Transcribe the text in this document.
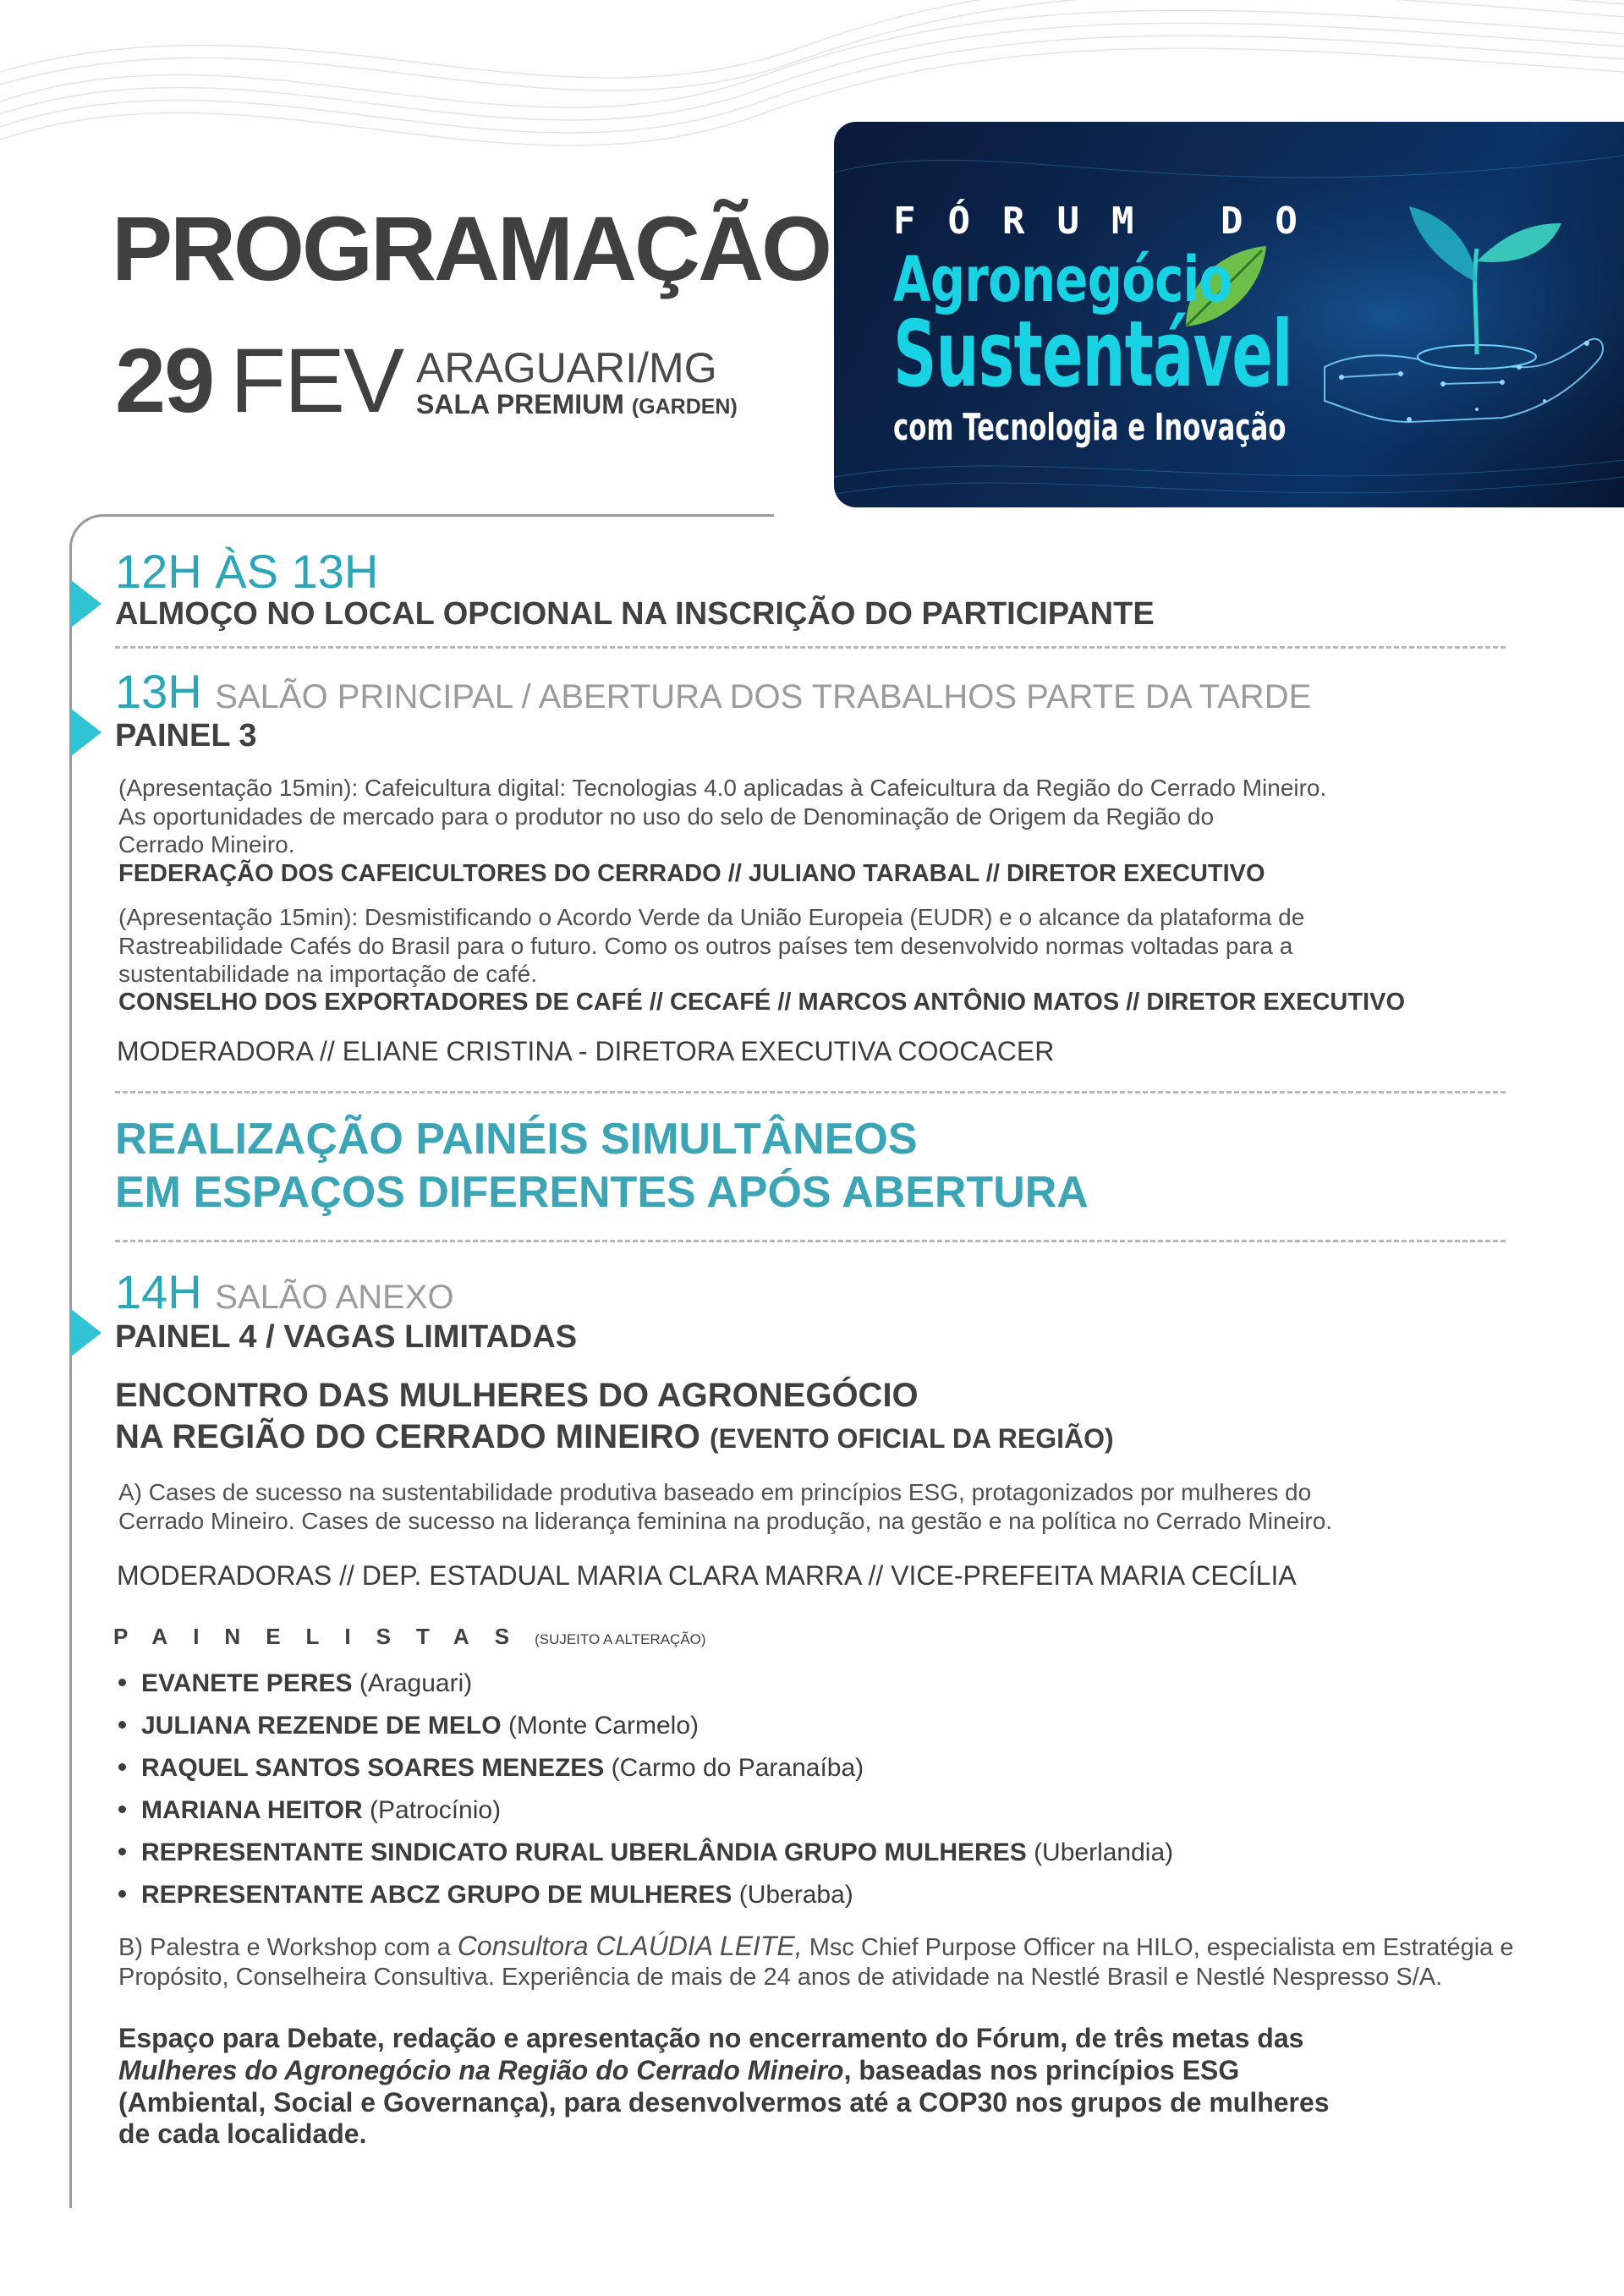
PROGRAMAÇÃO
29 FEV ARAGUARI/MG
SALA PREMIUM (GARDEN)
FÓRUM DO
Agronegócio
Sustentável
com Tecnologia e Inovação
12H ÀS 13H
ALMOÇO NO LOCAL OPCIONAL NA INSCRIÇÃO DO PARTICIPANTE
13H SALÃO PRINCIPAL / ABERTURA DOS TRABALHOS PARTE DA TARDE
PAINEL 3
(Apresentação 15min): Cafeicultura digital: Tecnologias 4.0 aplicadas à Cafeicultura da Região do Cerrado Mineiro.
As oportunidades de mercado para o produtor no uso do selo de Denominação de Origem da Região do
Cerrado Mineiro.
FEDERAÇÃO DOS CAFEICULTORES DO CERRADO // JULIANO TARABAL // DIRETOR EXECUTIVO
(Apresentação 15min): Desmistificando o Acordo Verde da União Europeia (EUDR) e o alcance da plataforma de
Rastreabilidade Cafés do Brasil para o futuro. Como os outros países tem desenvolvido normas voltadas para a
sustentabilidade na importação de café.
CONSELHO DOS EXPORTADORES DE CAFÉ // CECAFÉ // MARCOS ANTÔNIO MATOS // DIRETOR EXECUTIVO
MODERADORA // ELIANE CRISTINA - DIRETORA EXECUTIVA COOCACER
REALIZAÇÃO PAINÉIS SIMULTÂNEOS
EM ESPAÇOS DIFERENTES APÓS ABERTURA
14H SALÃO ANEXO
PAINEL 4 / VAGAS LIMITADAS
ENCONTRO DAS MULHERES DO AGRONEGÓCIO
NA REGIÃO DO CERRADO MINEIRO (EVENTO OFICIAL DA REGIÃO)
A) Cases de sucesso na sustentabilidade produtiva baseado em princípios ESG, protagonizados por mulheres do
Cerrado Mineiro. Cases de sucesso na liderança feminina na produção, na gestão e na política no Cerrado Mineiro.
MODERADORAS // DEP. ESTADUAL MARIA CLARA MARRA // VICE-PREFEITA MARIA CECÍLIA
PAINELISTAS(SUJEITO A ALTERAÇÃO)
EVANETE PERES (Araguari)
JULIANA REZENDE DE MELO (Monte Carmelo)
RAQUEL SANTOS SOARES MENEZES (Carmo do Paranaíba)
MARIANA HEITOR (Patrocínio)
REPRESENTANTE SINDICATO RURAL UBERLÂNDIA GRUPO MULHERES (Uberlandia)
REPRESENTANTE ABCZ GRUPO DE MULHERES (Uberaba)
B) Palestra e Workshop com a Consultora CLAÚDIA LEITE, Msc Chief Purpose Officer na HILO, especialista em Estratégia e
Propósito, Conselheira Consultiva. Experiência de mais de 24 anos de atividade na Nestlé Brasil e Nestlé Nespresso S/A.
Espaço para Debate, redação e apresentação no encerramento do Fórum, de três metas das
Mulheres do Agronegócio na Região do Cerrado Mineiro, baseadas nos princípios ESG
(Ambiental, Social e Governança), para desenvolvermos até a COP30 nos grupos de mulheres
de cada localidade.
